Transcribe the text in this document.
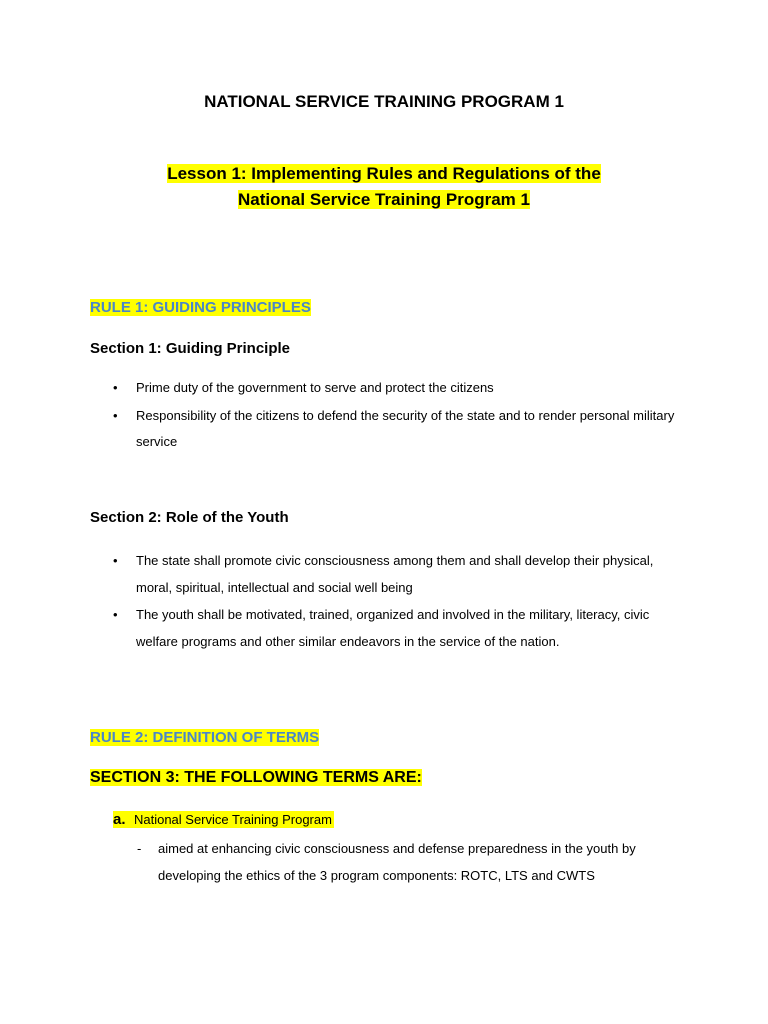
NATIONAL SERVICE TRAINING PROGRAM 1
Lesson 1: Implementing Rules and Regulations of the
National Service Training Program 1
RULE 1: GUIDING PRINCIPLES
Section 1: Guiding Principle
• Prime duty of the government to serve and protect the citizens
• Responsibility of the citizens to defend the security of the state and to render personal military service
Section 2: Role of the Youth
• The state shall promote civic consciousness among them and shall develop their physical, moral, spiritual, intellectual and social well being
• The youth shall be motivated, trained, organized and involved in the military, literacy, civic welfare programs and other similar endeavors in the service of the nation.
RULE 2: DEFINITION OF TERMS
SECTION 3: THE FOLLOWING TERMS ARE:
a. National Service Training Program
-	aimed at enhancing civic consciousness and defense preparedness in the youth by developing the ethics of the 3 program components: ROTC, LTS and CWTS
